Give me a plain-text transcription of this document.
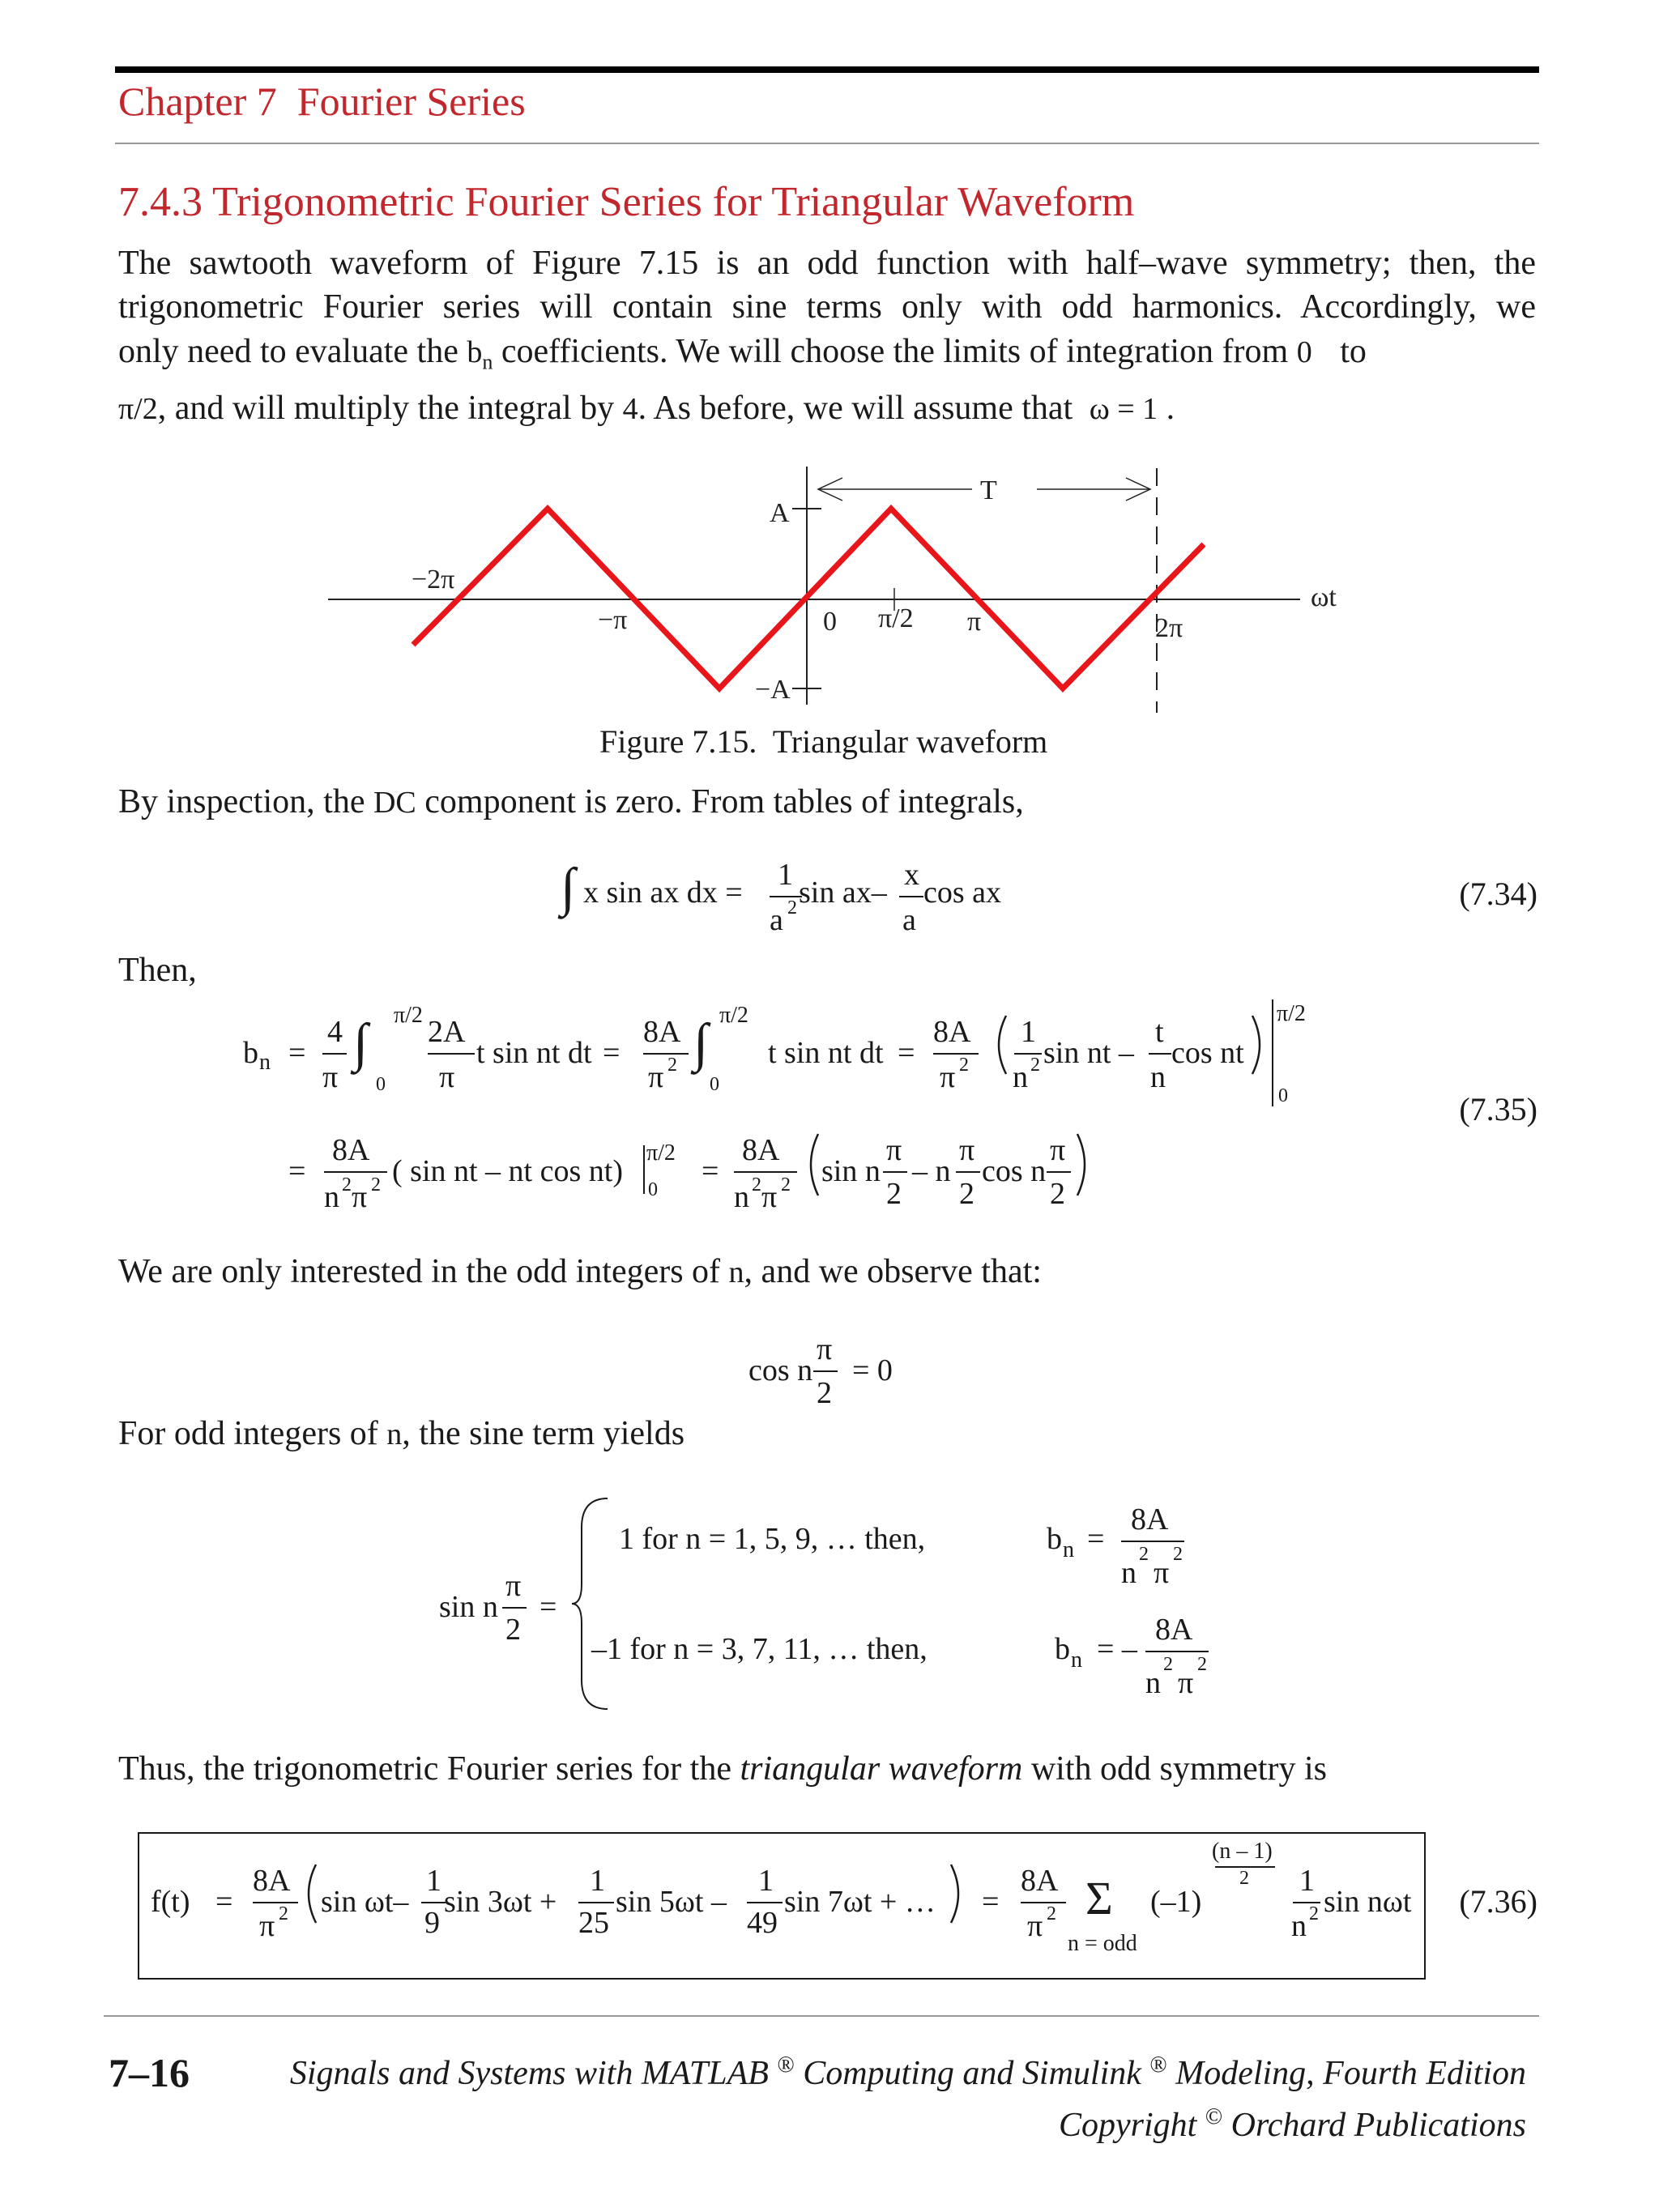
Chapter 7  Fourier Series
7.4.3 Trigonometric Fourier Series for Triangular Waveform
The sawtooth waveform of Figure 7.15 is an odd function with half–wave symmetry; then, the
trigonometric Fourier series will contain sine terms only with odd harmonics. Accordingly, we
only need to evaluate the $b_n$ coefficients. We will choose the limits of integration from 0 to
π/2, and will multiply the integral by 4. As before, we will assume that ω = 1 .
A
−A
T
−2π
−π	0 π/2 π	2π
ωt
Figure 7.15.  Triangular waveform
By inspection, the DC component is zero. From tables of integrals,
∫ x sin ax dx =
1
a 2 sin ax–
x
a
cos ax	(7.34)
Then,
b n =
4
π
∫ π/2
0
2A
π
t sin nt dt =
8A
π 2 ∫ π/2
0
t sin nt dt =
8A
π 2
1
n 2 sin nt –
t
n
cos nt
π/2
0
=
8A
n 2 π 2 ( sin nt – nt cos nt)
π/2
0
=
8A
n 2 π 2 sin n
π
2
– n
π
2
cos n
π
2
(7.35)
We are only interested in the odd integers of n, and we observe that:
cos n
π
2
= 0
For odd integers of n, the sine term yields
sin n
π
2
=
1 for n = 1, 5, 9, … then,	b n =
8A
n
2
π
2
–1 for n = 3, 7, 11, … then,	b n = –
8A
n
2
π
2
Thus, the trigonometric Fourier series for the triangular waveform with odd symmetry is
f(t) =
8A
π 2 sin ωt–
1
9
sin 3ωt +
1
25
sin 5ωt –
1
49
sin 7ωt + … =
8A
π 2 Σ
n = odd
(–1)
(n – 1)
2 1
n 2 sin nωt (7.36)
7–16	Signals and Systems with MATLAB ® Computing and Simulink ® Modeling, Fourth Edition
Copyright © Orchard Publications
